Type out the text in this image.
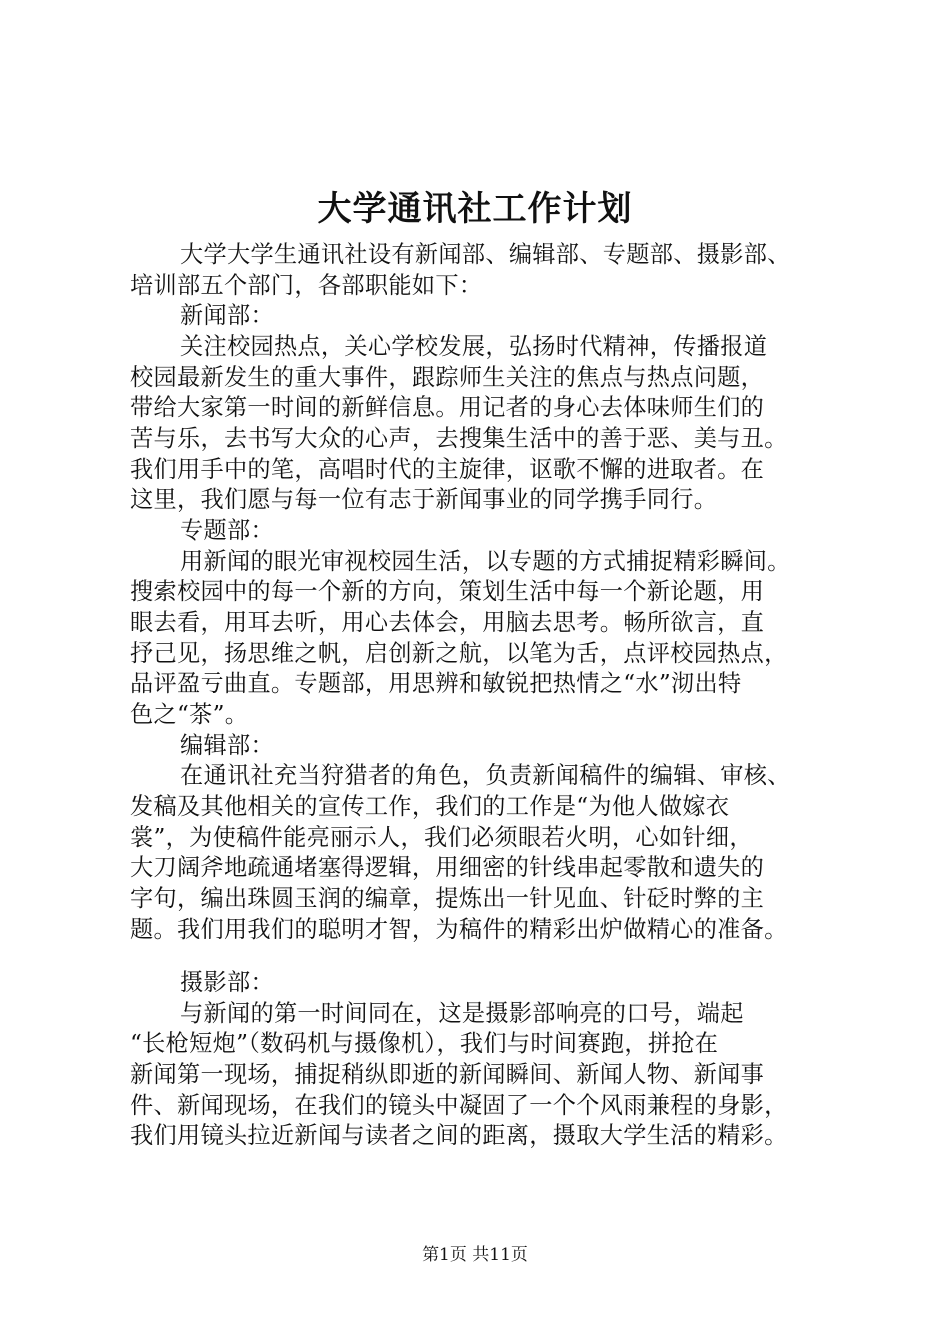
大学通讯社工作计划
大学大学生通讯社设有新闻部、编辑部、专题部、摄影部、
培训部五个部门，各部职能如下：
新闻部：
关注校园热点，关心学校发展，弘扬时代精神，传播报道
校园最新发生的重大事件，跟踪师生关注的焦点与热点问题，
带给大家第一时间的新鲜信息。用记者的身心去体味师生们的
苦与乐，去书写大众的心声，去搜集生活中的善于恶、美与丑。
我们用手中的笔，高唱时代的主旋律，讴歌不懈的进取者。在
这里，我们愿与每一位有志于新闻事业的同学携手同行。
专题部：
用新闻的眼光审视校园生活，以专题的方式捕捉精彩瞬间。
搜索校园中的每一个新的方向，策划生活中每一个新论题，用
眼去看，用耳去听，用心去体会，用脑去思考。畅所欲言，直
抒己见，扬思维之帆，启创新之航，以笔为舌，点评校园热点，
品评盈亏曲直。专题部，用思辨和敏锐把热情之“水”沏出特
色之“茶”。
编辑部：
在通讯社充当狩猎者的角色，负责新闻稿件的编辑、审核、
发稿及其他相关的宣传工作，我们的工作是“为他人做嫁衣
裳”，为使稿件能亮丽示人，我们必须眼若火明，心如针细，
大刀阔斧地疏通堵塞得逻辑，用细密的针线串起零散和遗失的
字句，编出珠圆玉润的编章，提炼出一针见血、针砭时弊的主
题。我们用我们的聪明才智，为稿件的精彩出炉做精心的准备。
摄影部：
与新闻的第一时间同在，这是摄影部响亮的口号，端起
“长枪短炮”（数码机与摄像机），我们与时间赛跑，拼抢在
新闻第一现场，捕捉稍纵即逝的新闻瞬间、新闻人物、新闻事
件、新闻现场，在我们的镜头中凝固了一个个风雨兼程的身影，
我们用镜头拉近新闻与读者之间的距离，摄取大学生活的精彩。
第1页 共11页
